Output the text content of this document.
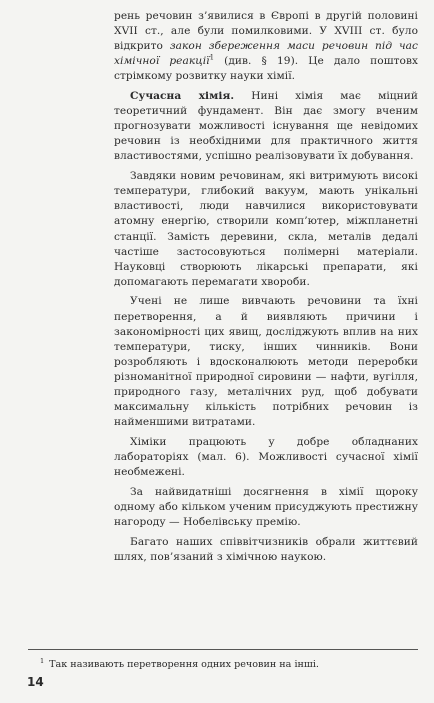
рень речовин з’явилися в Європі в другій половині XVII ст., але були помилковими. У XVIII ст. було відкрито закон збереження маси речовин під час хімічної реакції$^1$ (див. § 19). Це дало поштовх стрімкому розвитку науки хімії.

Сучасна хімія. Нині хімія має міцний теоретичний фундамент. Він дає змогу вченим прогнозувати можливості існування ще невідомих речовин із необхідними для практичного життя властивостями, успішно реалізовувати їх добування.

Завдяки новим речовинам, які витримують високі температури, глибокий вакуум, мають унікальні властивості, люди навчилися використовувати атомну енергію, створили комп’ютер, міжпланетні станції. Замість деревини, скла, металів дедалі частіше застосовуються полімерні матеріали. Науковці створюють лікарські препарати, які допомагають перемагати хвороби.

Учені не лише вивчають речовини та їхні перетворення, а й виявляють причини і закономірності цих явищ, досліджують вплив на них температури, тиску, інших чинників. Вони розробляють і вдосконалюють методи переробки різноманітної природної сировини — нафти, вугілля, природного газу, металічних руд, щоб добувати максимальну кількість потрібних речовин із найменшими витратами.

Хіміки працюють у добре обладнаних лабораторіях (мал. 6). Можливості сучасної хімії необмежені.

За найвидатніші досягнення в хімії щороку одному або кільком ученим присуджують престижну нагороду — Нобелівську премію.

Багато наших співвітчизників обрали життєвий шлях, пов’язаний з хімічною наукою.

$^1$ Так називають перетворення одних речовин на інші.
14
